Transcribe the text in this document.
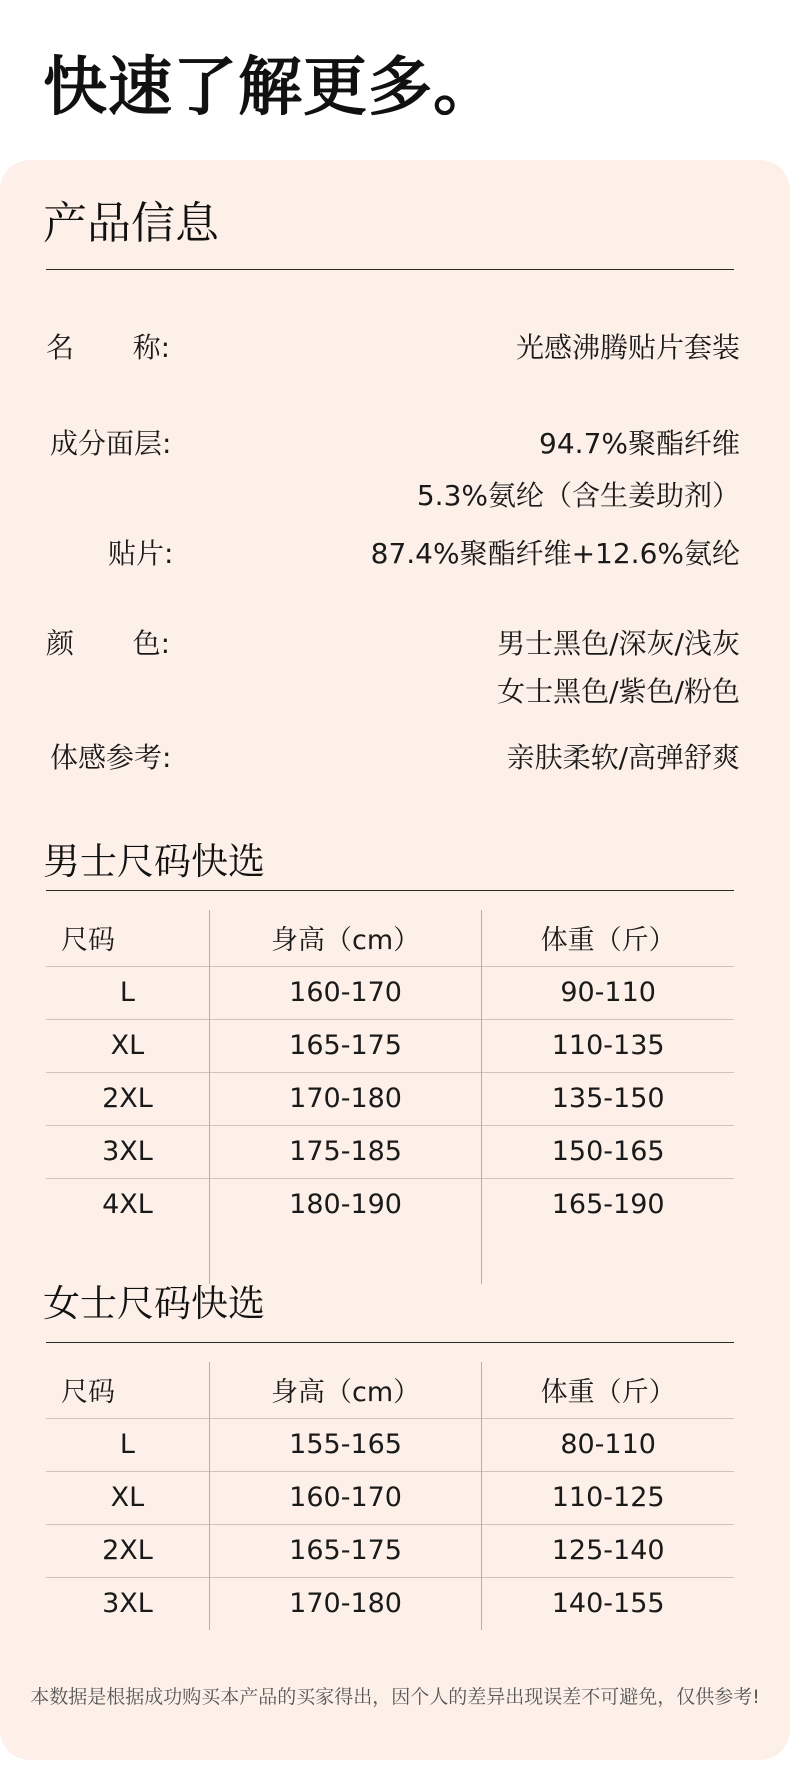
快速了解更多。
产品信息
名 称:	光感沸腾贴片套装
成分面层:	94.7%聚酯纤维
5.3%氨纶（含生姜助剂）
贴片:	87.4%聚酯纤维+12.6%氨纶
颜 色:	男士黑色/深灰/浅灰
女士黑色/紫色/粉色
体感参考:	亲肤柔软/高弹舒爽
男士尺码快选
尺码	身高（cm）	体重（斤）
L	160-170	90-110
XL	165-175	110-135
2XL	170-180	135-150
3XL	175-185	150-165
4XL	180-190	165-190

女士尺码快选
尺码	身高（cm）	体重（斤）
L	155-165	80-110
XL	160-170	110-125
2XL	165-175	125-140
3XL	170-180	140-155
本数据是根据成功购买本产品的买家得出，因个人的差异出现误差不可避免，仅供参考!
